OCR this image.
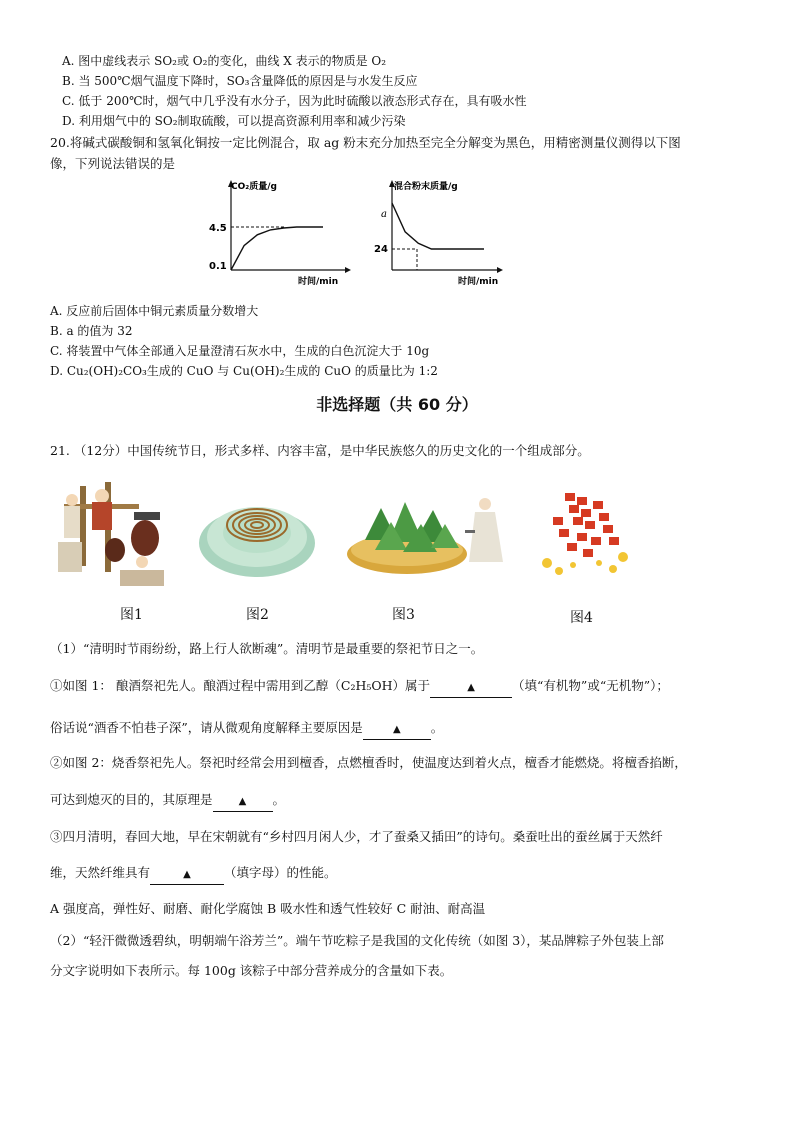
A. 图中虚线表示 SO₂或 O₂的变化，曲线 X 表示的物质是 O₂
B. 当 500℃烟气温度下降时，SO₃含量降低的原因是与水发生反应
C. 低于 200℃时，烟气中几乎没有水分子，因为此时硫酸以液态形式存在，具有吸水性
D. 利用烟气中的 SO₂制取硫酸，可以提高资源利用率和减少污染
20.将碱式碳酸铜和氢氧化铜按一定比例混合，取 ag 粉末充分加热至完全分解变为黑色，用精密测量仪测得以下图
像，下列说法错误的是
CO₂质量/g
时间/min
4.5
0.1
混合粉末质量/g
时间/min
a
24
A. 反应前后固体中铜元素质量分数增大
B. a 的值为 32
C. 将装置中气体全部通入足量澄清石灰水中，生成的白色沉淀大于 10g
D. Cu₂(OH)₂CO₃生成的 CuO 与 Cu(OH)₂生成的 CuO 的质量比为 1:2
非选择题（共 60 分）
21. （12分）中国传统节日，形式多样、内容丰富，是中华民族悠久的历史文化的一个组成部分。
图1	图2	图3	图4
（1）“清明时节雨纷纷，路上行人欲断魂”。清明节是最重要的祭祀节日之一。
①如图 1： 酿酒祭祀先人。酿酒过程中需用到乙醇（C₂H₅OH）属于	▲	（填“有机物”或“无机物”）；
俗话说“酒香不怕巷子深”，请从微观角度解释主要原因是	▲ 。
②如图 2：烧香祭祀先人。祭祀时经常会用到檀香，点燃檀香时，使温度达到着火点，檀香才能燃烧。将檀香掐断，
可达到熄灭的目的，其原理是	▲ 。
③四月清明，春回大地，早在宋朝就有“乡村四月闲人少，才了蚕桑又插田”的诗句。桑蚕吐出的蚕丝属于天然纤
维，天然纤维具有	▲	（填字母）的性能。
A 强度高，弹性好、耐磨、耐化学腐蚀 B 吸水性和透气性较好 C 耐油、耐高温
（2）“轻汗微微透碧纨，明朝端午浴芳兰”。端午节吃粽子是我国的文化传统（如图 3），某品牌粽子外包装上部
分文字说明如下表所示。每 100g 该粽子中部分营养成分的含量如下表。
